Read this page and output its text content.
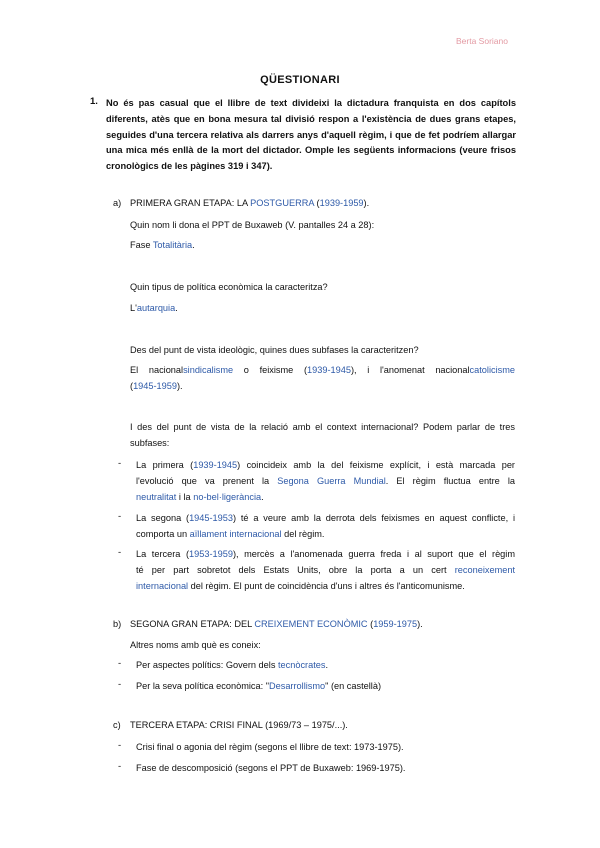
Berta Soriano
QÜESTIONARI
1. No és pas casual que el llibre de text divideixi la dictadura franquista en dos capítols diferents, atès que en bona mesura tal divisió respon a l'existència de dues grans etapes, seguides d'una tercera relativa als darrers anys d'aquell règim, i que de fet podríem allargar una mica més enllà de la mort del dictador. Omple les següents informacions (veure frisos cronològics de les pàgines 319 i 347).
a) PRIMERA GRAN ETAPA: LA POSTGUERRA (1939-1959).
Quin nom li dona el PPT de Buxaweb (V. pantalles 24 a 28):
Fase Totalitària.
Quin tipus de política econòmica la caracteritza?
L'autarquia.
Des del punt de vista ideològic, quines dues subfases la caracteritzen?
El nacionalsindicalisme o feixisme (1939-1945), i l'anomenat nacionalcatolicisme
(1945-1959).
I des del punt de vista de la relació amb el context internacional? Podem parlar de tres subfases:
- La primera (1939-1945) coincideix amb la del feixisme explícit, i està marcada per
l'evolució que va prenent la Segona Guerra Mundial. El règim fluctua entre la
neutralitat i la no-bel·ligerància.
- La segona (1945-1953) té a veure amb la derrota dels feixismes en aquest conflicte, i
comporta un aïllament internacional del règim.
- La tercera (1953-1959), mercès a l'anomenada guerra freda i al suport que el règim
té per part sobretot dels Estats Units, obre la porta a un cert reconeixement
internacional del règim. El punt de coincidència d'uns i altres és l'anticomunisme.
b) SEGONA GRAN ETAPA: DEL CREIXEMENT ECONÒMIC (1959-1975).
Altres noms amb què es coneix:
- Per aspectes polítics: Govern dels tecnòcrates.
- Per la seva política econòmica: "Desarrollismo" (en castellà)
c) TERCERA ETAPA: CRISI FINAL (1969/73 – 1975/...).
- Crisi final o agonia del règim (segons el llibre de text: 1973-1975).
- Fase de descomposició (segons el PPT de Buxaweb: 1969-1975).
